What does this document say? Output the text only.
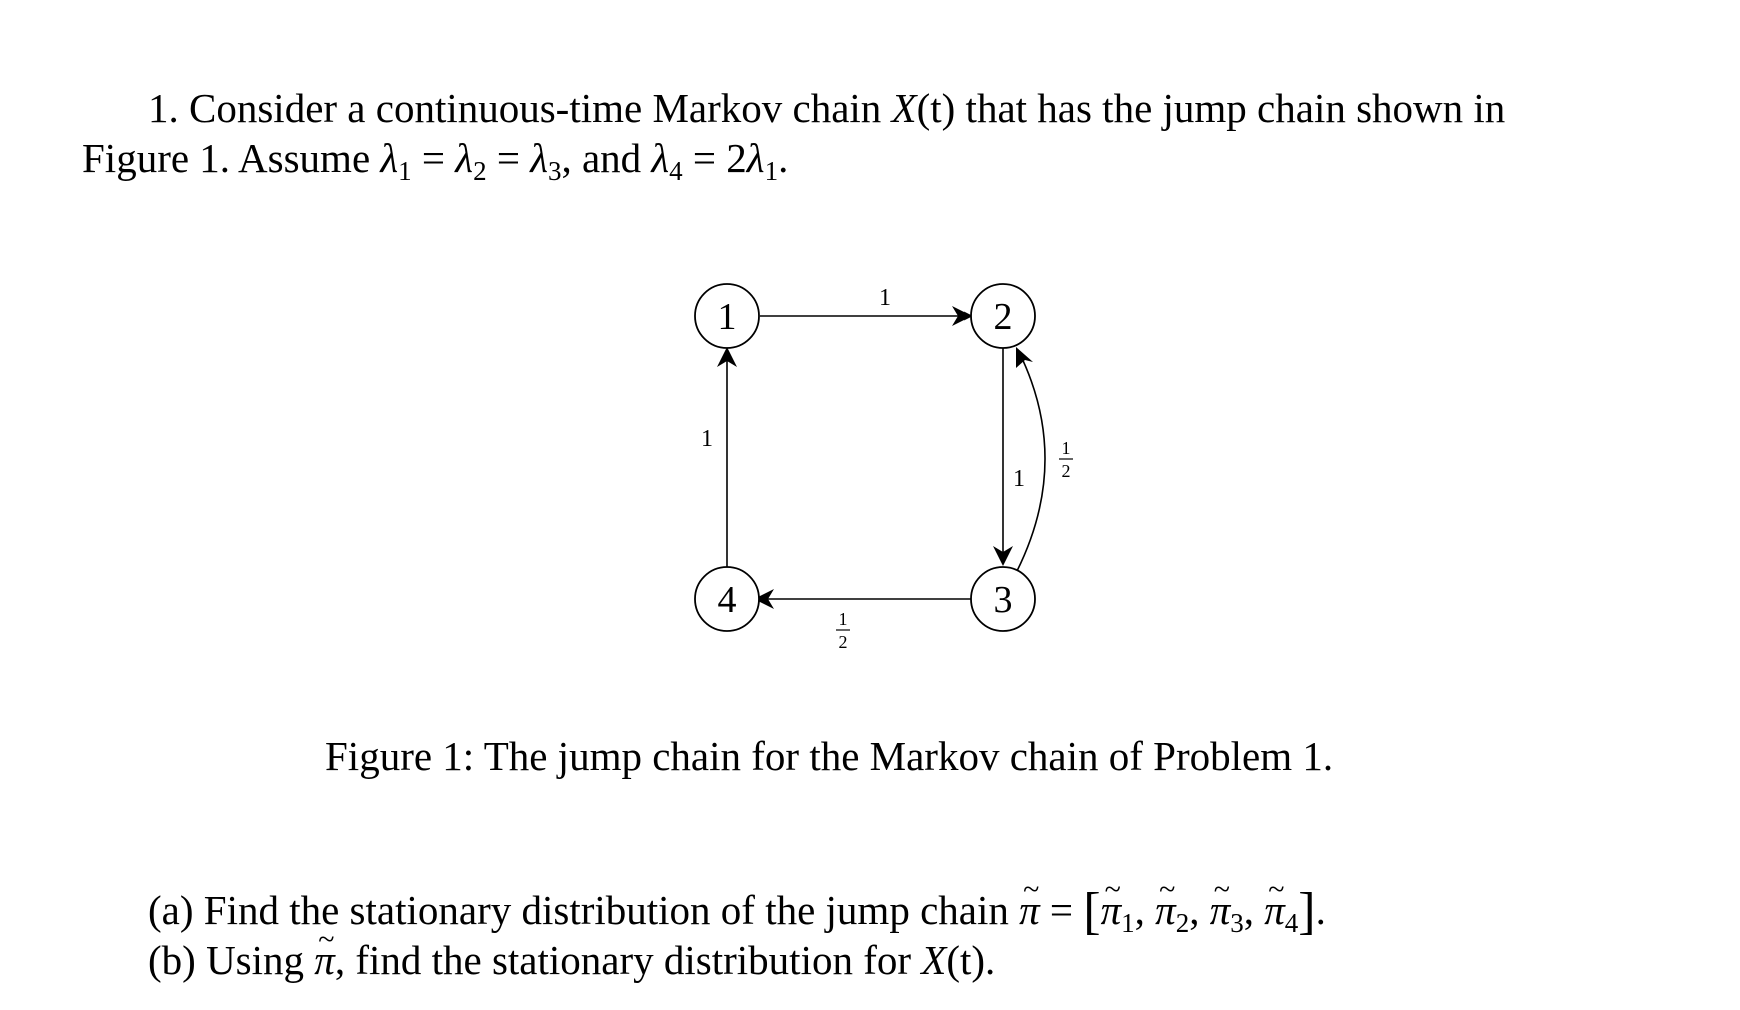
1. Consider a continuous-time Markov chain X(t) that has the jump chain shown in
Figure 1. Assume $\lambda_1 = \lambda_2 = \lambda_3$, and $\lambda_4 = 2\lambda_1$.
1	2
3
4
1
1
1	1
2
1
2
Figure 1: The jump chain for the Markov chain of Problem 1.
(a) Find the stationary distribution of the jump chain ~ π = [~ $\pi_1$, ~ $\pi_2$, ~ $\pi_3$, ~ $\pi_4$].
(b) Using ~ π, find the stationary distribution for X(t).
